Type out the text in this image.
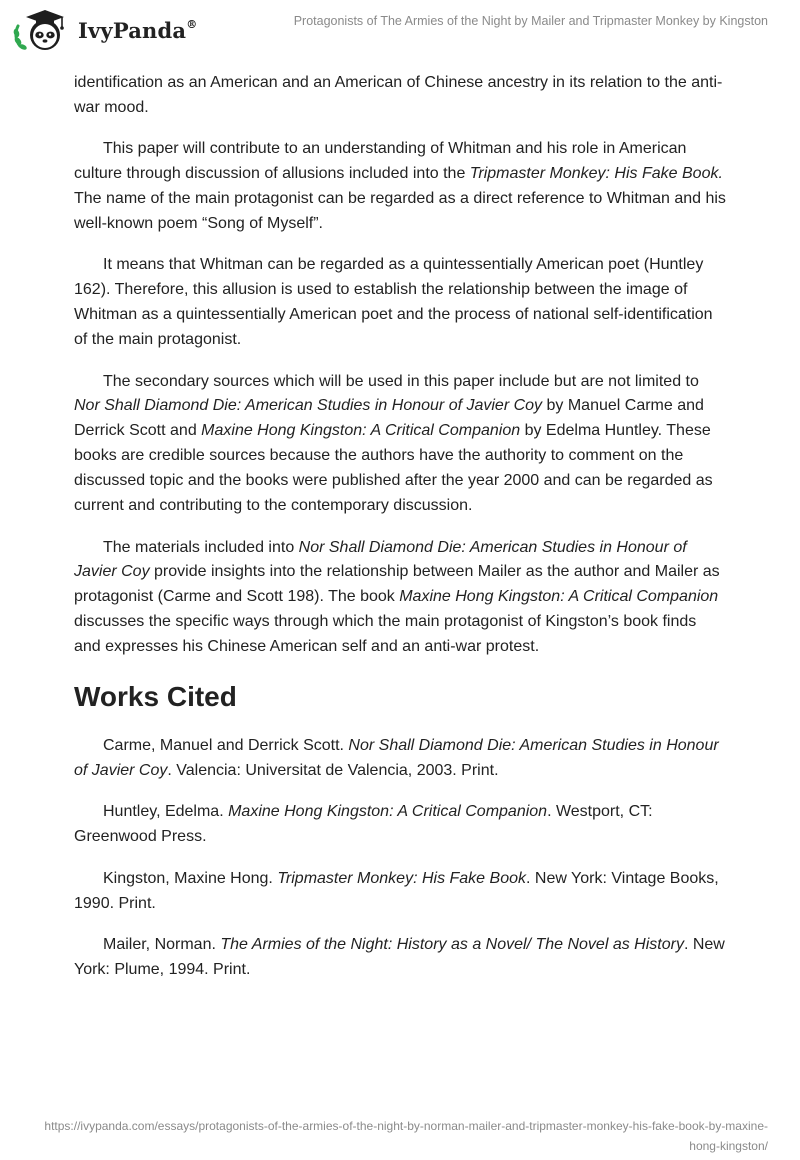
IvyPanda®	Protagonists of The Armies of the Night by Mailer and Tripmaster Monkey by Kingston

identification as an American and an American of Chinese ancestry in its relation to the anti-war mood.

This paper will contribute to an understanding of Whitman and his role in American culture through discussion of allusions included into the Tripmaster Monkey: His Fake Book. The name of the main protagonist can be regarded as a direct reference to Whitman and his well-known poem “Song of Myself”.

It means that Whitman can be regarded as a quintessentially American poet (Huntley 162). Therefore, this allusion is used to establish the relationship between the image of Whitman as a quintessentially American poet and the process of national self-identification of the main protagonist.

The secondary sources which will be used in this paper include but are not limited to Nor Shall Diamond Die: American Studies in Honour of Javier Coy by Manuel Carme and Derrick Scott and Maxine Hong Kingston: A Critical Companion by Edelma Huntley. These books are credible sources because the authors have the authority to comment on the discussed topic and the books were published after the year 2000 and can be regarded as current and contributing to the contemporary discussion.

The materials included into Nor Shall Diamond Die: American Studies in Honour of Javier Coy provide insights into the relationship between Mailer as the author and Mailer as protagonist (Carme and Scott 198). The book Maxine Hong Kingston: A Critical Companion discusses the specific ways through which the main protagonist of Kingston’s book finds and expresses his Chinese American self and an anti-war protest.

Works Cited

Carme, Manuel and Derrick Scott. Nor Shall Diamond Die: American Studies in Honour of Javier Coy. Valencia: Universitat de Valencia, 2003. Print.

Huntley, Edelma. Maxine Hong Kingston: A Critical Companion. Westport, CT: Greenwood Press.

Kingston, Maxine Hong. Tripmaster Monkey: His Fake Book. New York: Vintage Books, 1990. Print.

Mailer, Norman. The Armies of the Night: History as a Novel/ The Novel as History. New York: Plume, 1994. Print.

https://ivypanda.com/essays/protagonists-of-the-armies-of-the-night-by-norman-mailer-and-tripmaster-monkey-his-fake-book-by-maxine-hong-kingston/
